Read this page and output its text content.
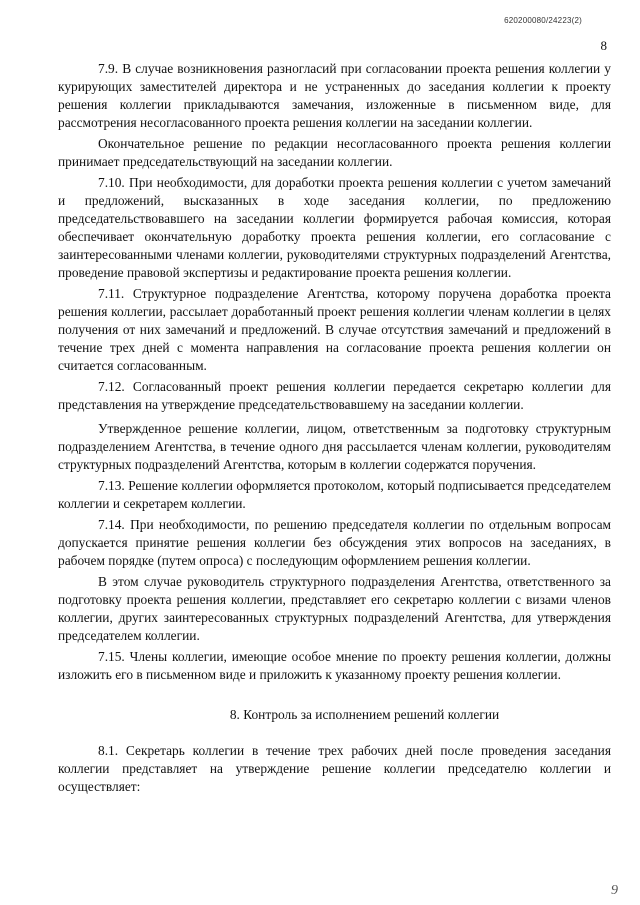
620200080/24223(2)
8

7.9. В случае возникновения разногласий при согласовании проекта решения коллегии у курирующих заместителей директора и не устраненных до заседания коллегии к проекту решения коллегии прикладываются замечания, изложенные в письменном виде, для рассмотрения несогласованного проекта решения коллегии на заседании коллегии.

Окончательное решение по редакции несогласованного проекта решения коллегии принимает председательствующий на заседании коллегии.

7.10. При необходимости, для доработки проекта решения коллегии с учетом замечаний и предложений, высказанных в ходе заседания коллегии, по предложению председательствовавшего на заседании коллегии формируется рабочая комиссия, которая обеспечивает окончательную доработку проекта решения коллегии, его согласование с заинтересованными членами коллегии, руководителями структурных подразделений Агентства, проведение правовой экспертизы и редактирование проекта решения коллегии.

7.11. Структурное подразделение Агентства, которому поручена доработка проекта решения коллегии, рассылает доработанный проект решения коллегии членам коллегии в целях получения от них замечаний и предложений. В случае отсутствия замечаний и предложений в течение трех дней с момента направления на согласование проекта решения коллегии он считается согласованным.

7.12. Согласованный проект решения коллегии передается секретарю коллегии для представления на утверждение председательствовавшему на заседании коллегии.

Утвержденное решение коллегии, лицом, ответственным за подготовку структурным подразделением Агентства, в течение одного дня рассылается членам коллегии, руководителям структурных подразделений Агентства, которым в коллегии содержатся поручения.

7.13. Решение коллегии оформляется протоколом, который подписывается председателем коллегии и секретарем коллегии.

7.14. При необходимости, по решению председателя коллегии по отдельным вопросам допускается принятие решения коллегии без обсуждения этих вопросов на заседаниях, в рабочем порядке (путем опроса) с последующим оформлением решения коллегии.

В этом случае руководитель структурного подразделения Агентства, ответственного за подготовку проекта решения коллегии, представляет его секретарю коллегии с визами членов коллегии, других заинтересованных структурных подразделений Агентства, для утверждения председателем коллегии.

7.15. Члены коллегии, имеющие особое мнение по проекту решения коллегии, должны изложить его в письменном виде и приложить к указанному проекту решения коллегии.

8. Контроль за исполнением решений коллегии

8.1. Секретарь коллегии в течение трех рабочих дней после проведения заседания коллегии представляет на утверждение решение коллегии председателю коллегии и осуществляет:

9
